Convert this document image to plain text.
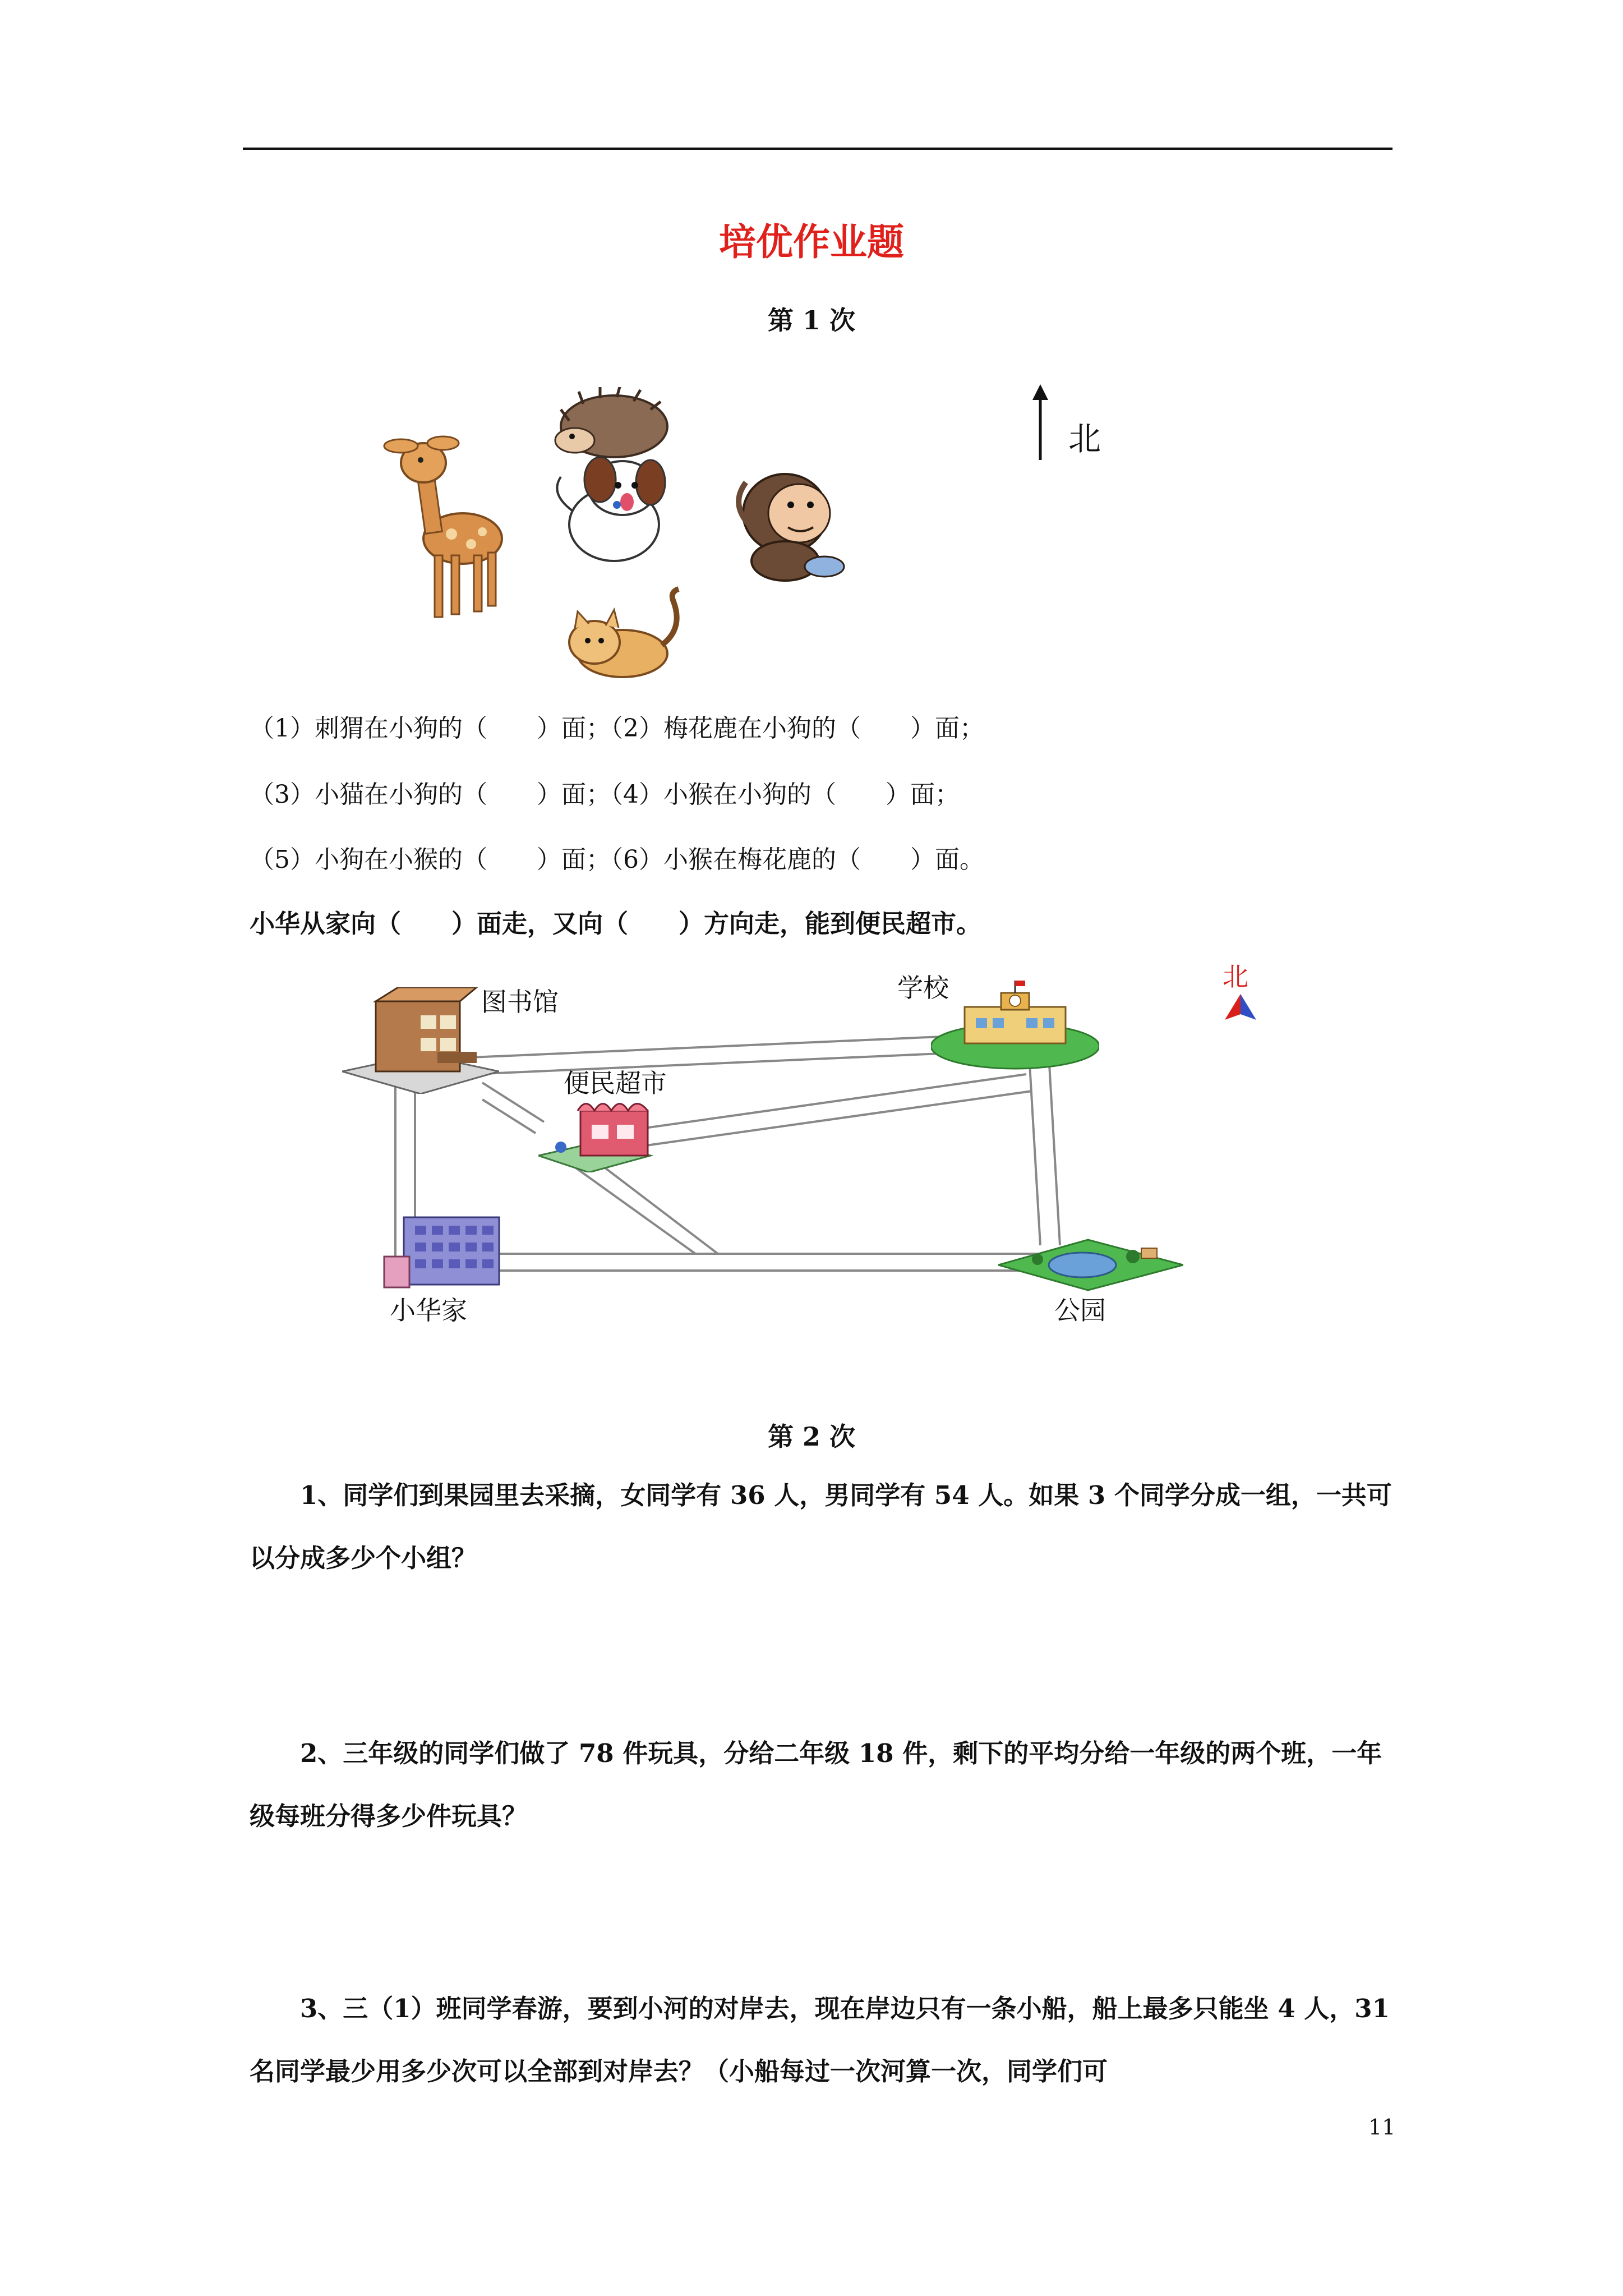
培优作业题
第 1 次
北
（1）刺猬在小狗的（　　）面；（2）梅花鹿在小狗的（　　）面；
（3）小猫在小狗的（　　）面；（4）小猴在小狗的（　　）面；
（5）小狗在小猴的（　　）面；（6）小猴在梅花鹿的（　　）面。
小华从家向（　　）面走，又向（　　）方向走，能到便民超市。
图书馆	学校
便民超市
小华家	公园
北
第 2 次
1、同学们到果园里去采摘，女同学有 36 人，男同学有 54 人。如果 3 个同学分成一组，一共可以分成多少个小组？
2、三年级的同学们做了 78 件玩具，分给二年级 18 件，剩下的平均分给一年级的两个班，一年级每班分得多少件玩具？
3、三（1）班同学春游，要到小河的对岸去，现在岸边只有一条小船，船上最多只能坐 4 人，31 名同学最少用多少次可以全部到对岸去？（小船每过一次河算一次，同学们可
11
